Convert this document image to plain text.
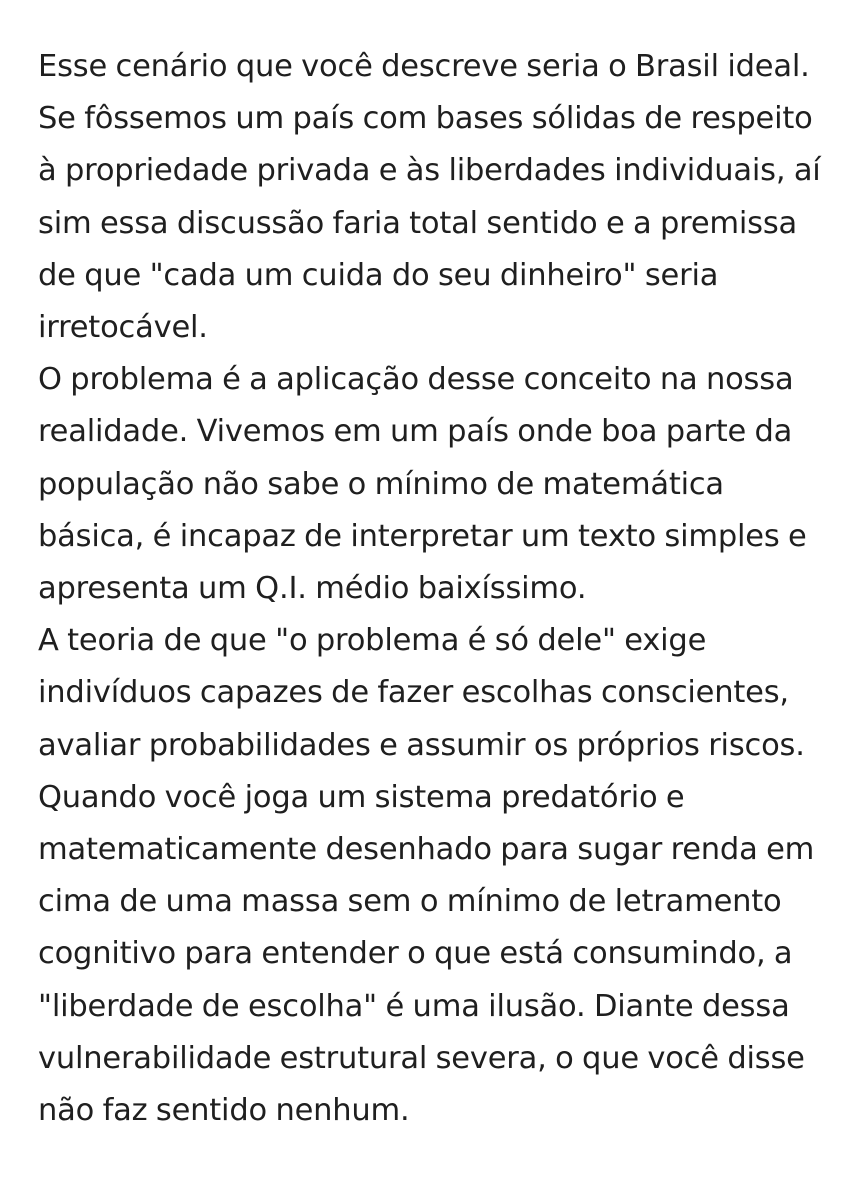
Esse cenário que você descreve seria o Brasil ideal.
Se fôssemos um país com bases sólidas de respeito
à propriedade privada e às liberdades individuais, aí
sim essa discussão faria total sentido e a premissa
de que "cada um cuida do seu dinheiro" seria
irretocável.
O problema é a aplicação desse conceito na nossa
realidade. Vivemos em um país onde boa parte da
população não sabe o mínimo de matemática
básica, é incapaz de interpretar um texto simples e
apresenta um Q.I. médio baixíssimo.
A teoria de que "o problema é só dele" exige
indivíduos capazes de fazer escolhas conscientes,
avaliar probabilidades e assumir os próprios riscos.
Quando você joga um sistema predatório e
matematicamente desenhado para sugar renda em
cima de uma massa sem o mínimo de letramento
cognitivo para entender o que está consumindo, a
"liberdade de escolha" é uma ilusão. Diante dessa
vulnerabilidade estrutural severa, o que você disse
não faz sentido nenhum.
